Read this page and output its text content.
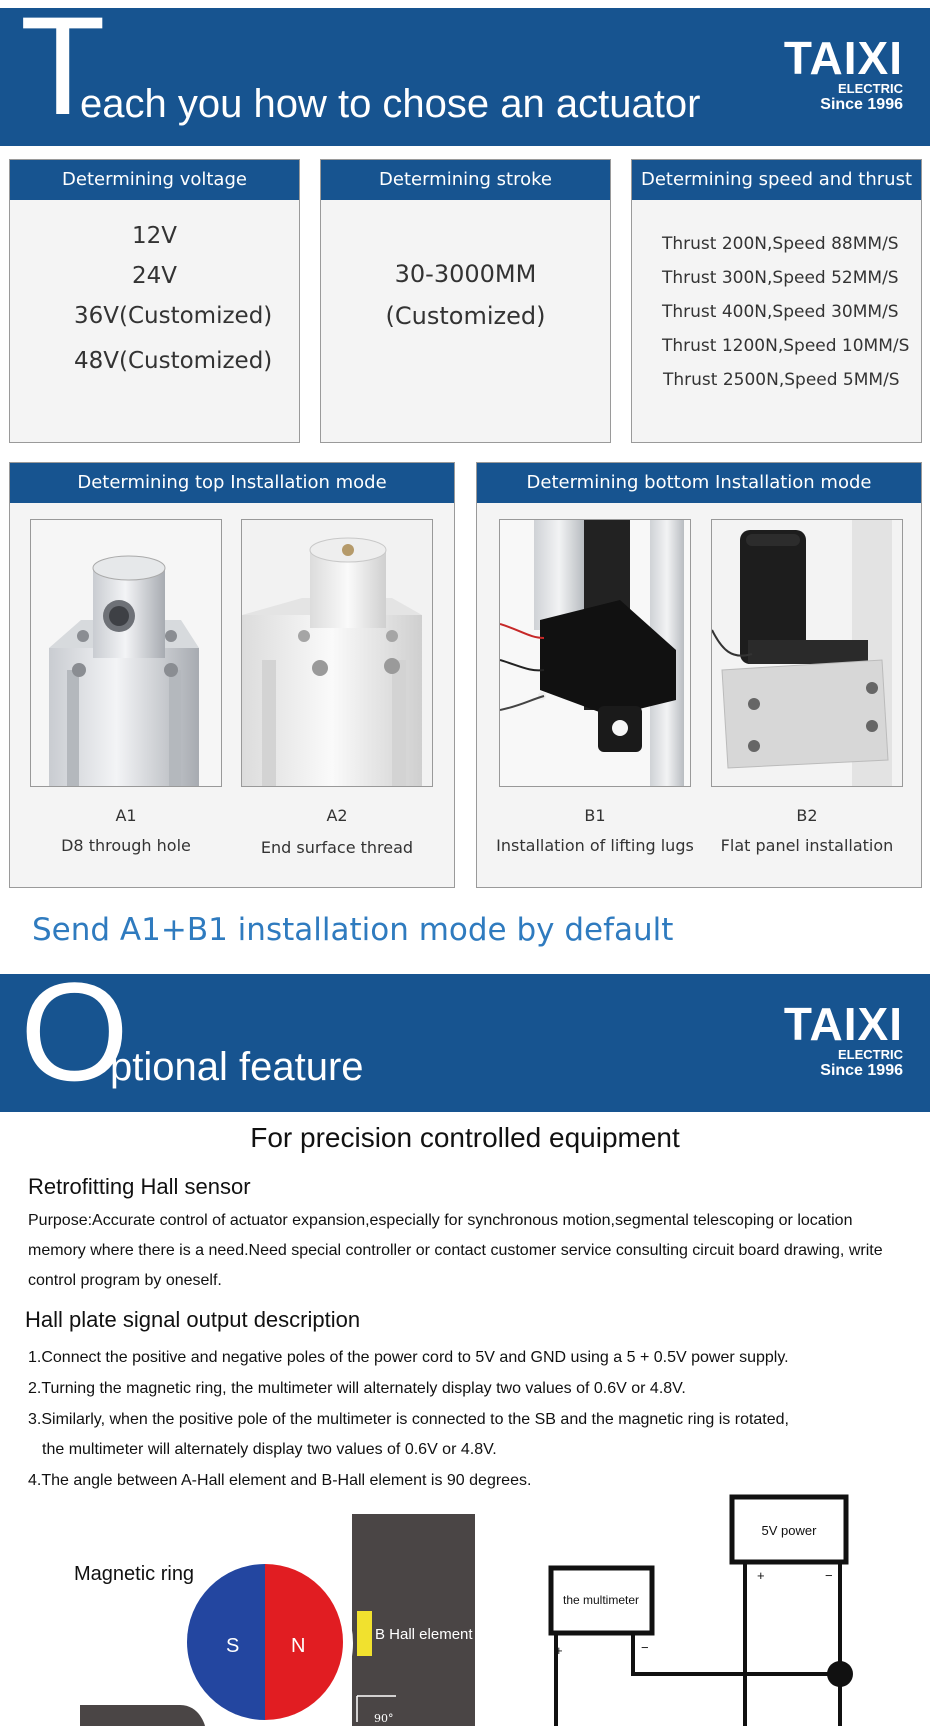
T
each you how to chose an actuator
TAIXI
ELECTRIC
Since 1996
Determining voltage

12V

24V

36V(Customized)

48V(Customized)

Determining stroke

30-3000MM

(Customized)

Determining speed and thrust

Thrust 200N,Speed 88MM/S

Thrust 300N,Speed 52MM/S

Thrust 400N,Speed 30MM/S

Thrust 1200N,Speed 10MM/S

Thrust 2500N,Speed 5MM/S

Determining top Installation mode
A1
D8 through hole
A2
End surface thread
Determining bottom Installation mode
B1
Installation of lifting lugs
B2
Flat panel installation
Send A1+B1 installation mode by default
O
ptional feature
TAIXI
ELECTRIC
Since 1996
For precision controlled equipment
Retrofitting Hall sensor
Purpose:Accurate control of actuator expansion,especially for synchronous motion,segmental telescoping or location memory where there is a need.Need special controller or contact customer service consulting circuit board drawing, write control program by oneself.
Hall plate signal output description
1.Connect the positive and negative poles of the power cord to 5V and GND using a 5 + 0.5V power supply.
2.Turning the magnetic ring, the multimeter will alternately display two values of 0.6V or 4.8V.
3.Similarly, when the positive pole of the multimeter is connected to the SB and the magnetic ring is rotated,
the multimeter will alternately display two values of 0.6V or 4.8V.
4.The angle between A-Hall element and B-Hall element is 90 degrees.
S	N
Magnetic ring
B Hall element
90°
5V power
the multimeter
+	−
+	−
